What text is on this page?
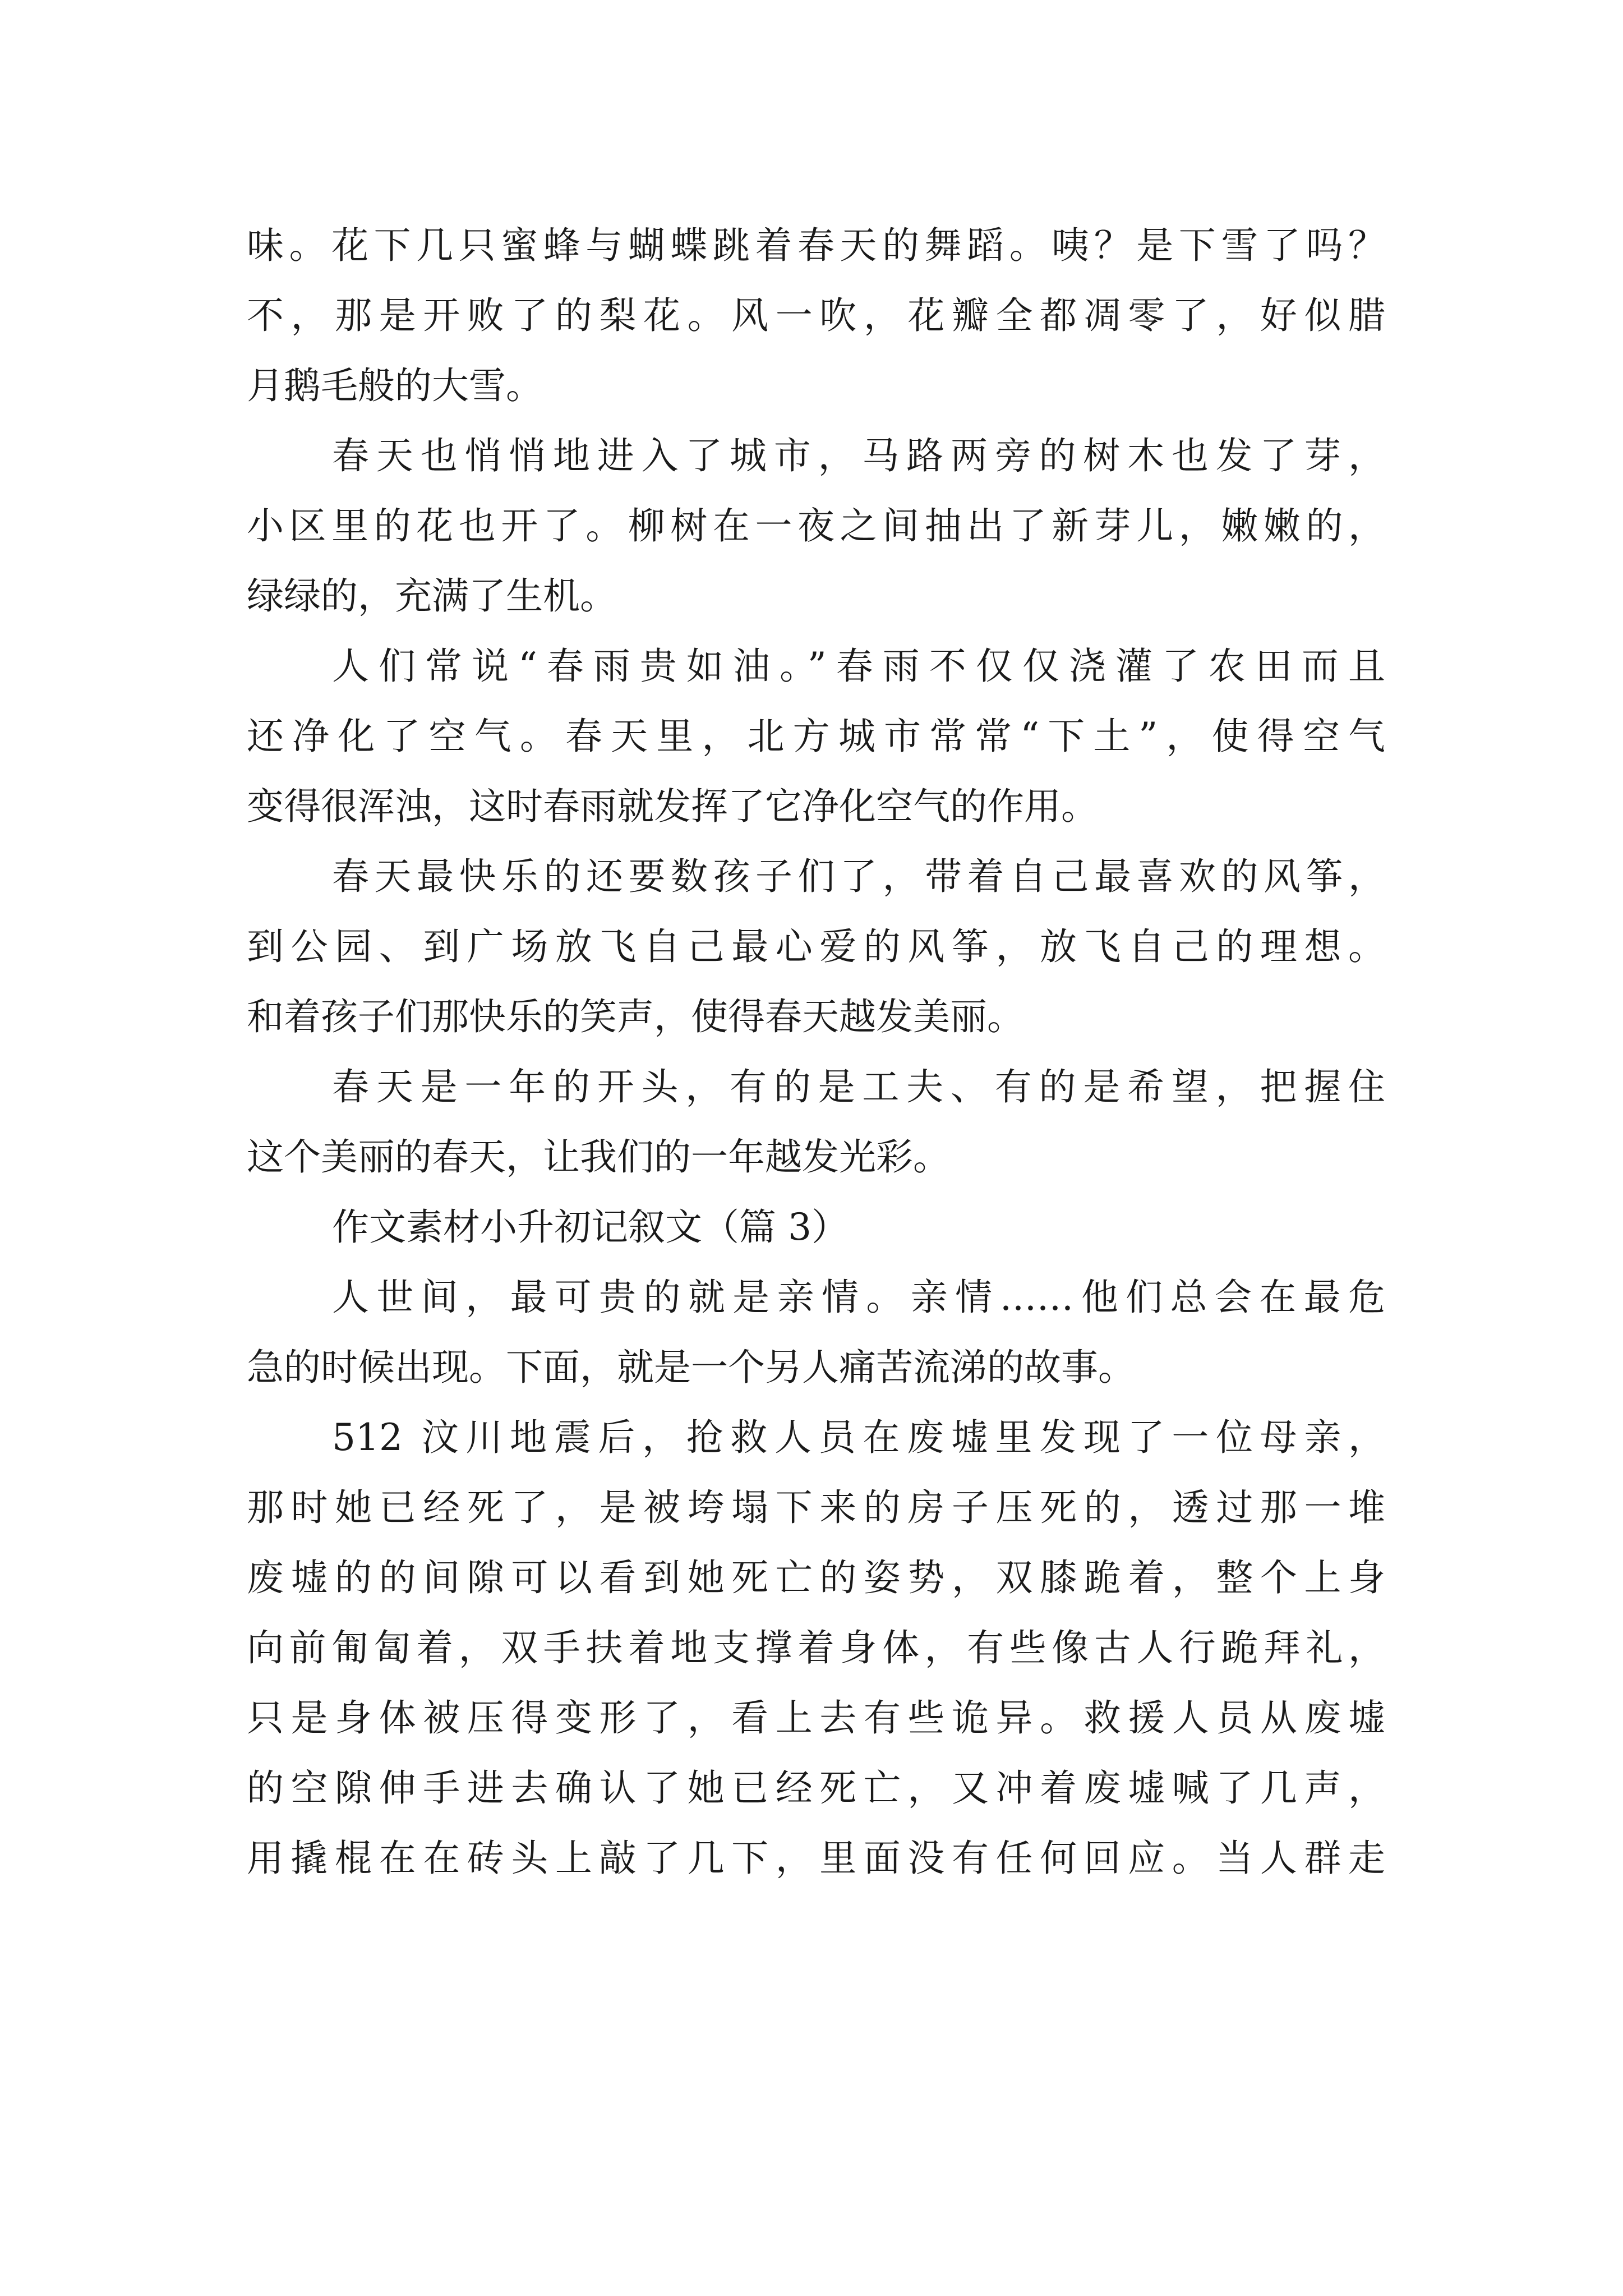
味。花下几只蜜蜂与蝴蝶跳着春天的舞蹈。咦？是下雪了吗？
不，那是开败了的梨花。风一吹，花瓣全都凋零了，好似腊
月鹅毛般的大雪。
春天也悄悄地进入了城市，马路两旁的树木也发了芽，
小区里的花也开了。柳树在一夜之间抽出了新芽儿，嫩嫩的，
绿绿的，充满了生机。
人们常说“春雨贵如油。”春雨不仅仅浇灌了农田而且
还净化了空气。春天里，北方城市常常“下土”，使得空气
变得很浑浊，这时春雨就发挥了它净化空气的作用。
春天最快乐的还要数孩子们了，带着自己最喜欢的风筝，
到公园、到广场放飞自己最心爱的风筝，放飞自己的理想。
和着孩子们那快乐的笑声，使得春天越发美丽。
春天是一年的开头，有的是工夫、有的是希望，把握住
这个美丽的春天，让我们的一年越发光彩。
作文素材小升初记叙文（篇 3）
人世间，最可贵的就是亲情。亲情……他们总会在最危
急的时候出现。下面，就是一个另人痛苦流涕的故事。
512 汶川地震后，抢救人员在废墟里发现了一位母亲，
那时她已经死了，是被垮塌下来的房子压死的，透过那一堆
废墟的的间隙可以看到她死亡的姿势，双膝跪着，整个上身
向前匍匐着，双手扶着地支撑着身体，有些像古人行跪拜礼，
只是身体被压得变形了，看上去有些诡异。救援人员从废墟
的空隙伸手进去确认了她已经死亡，又冲着废墟喊了几声，
用撬棍在在砖头上敲了几下，里面没有任何回应。当人群走
